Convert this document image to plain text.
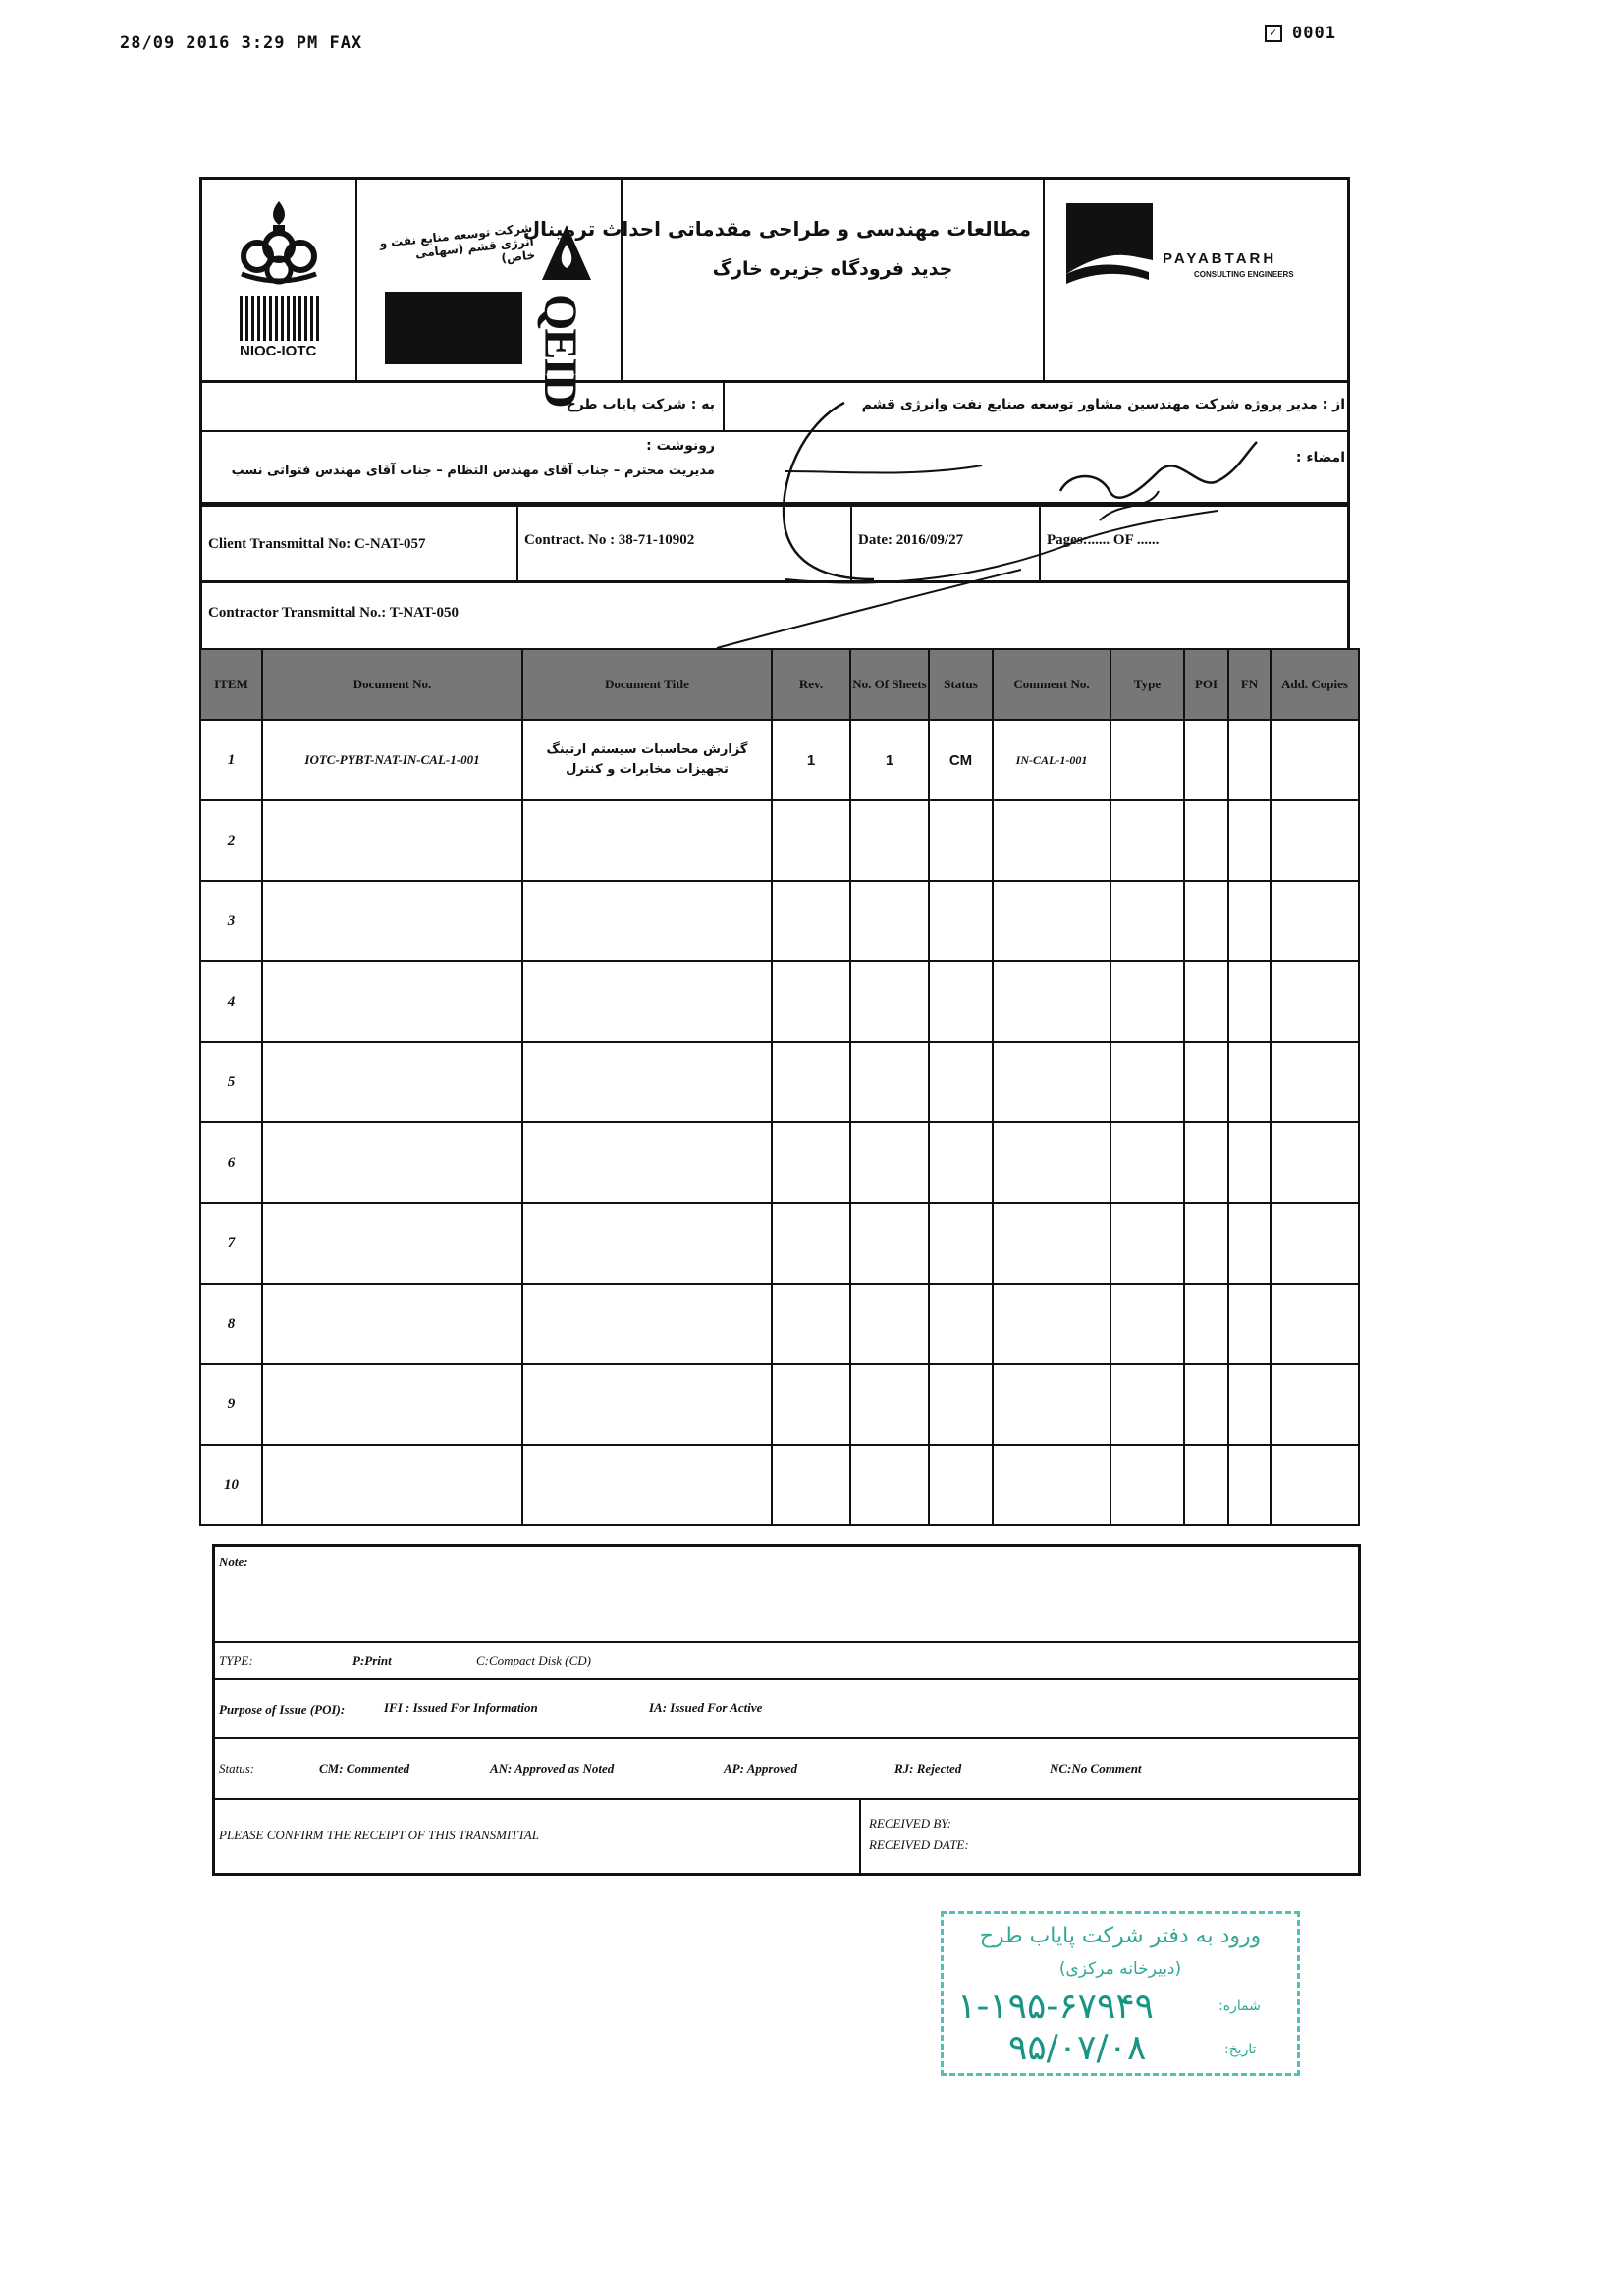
28/09 2016 3:29 PM FAX
✓ 0001
NIOC-IOTC
شرکت توسعه منابع نفت و انرژی قشم (سهامی خاص)
QEID
مطالعات مهندسی و طراحی مقدماتی احداث ترمینال
جدید فرودگاه جزیره خارگ	PAYABTARH
CONSULTING ENGINEERS
به : شرکت پایاب طرح	از : مدیر پروژه شرکت مهندسین مشاور توسعه صنایع نفت وانرژی قشم
رونوشت :
مدیریت محترم – جناب آقای مهندس التظام – جناب آقای مهندس فتواتی نسب
امضاء :
Client Transmittal No: C-NAT-057	Contract. No : 38-71-10902	Date: 2016/09/27	Pages:...... OF ......
Contractor Transmittal No.: T-NAT-050
ITEM	Document No.	Document Title	Rev.	No. Of Sheets	Status	Comment No.	Type	POI	FN	Add. Copies
1	IOTC-PYBT-NAT-IN-CAL-1-001	گزارش محاسبات سیستم ارتینگ تجهیزات مخابرات و کنترل	1	1	CM	IN-CAL-1-001				
2										
3										
4										
5										
6										
7										
8										
9										
10										
Note:
TYPE:	P:Print	C:Compact Disk (CD)
Purpose of Issue (POI):	IFI : Issued For Information	IA: Issued For Active
Status:	CM: Commented	AN: Approved as Noted	AP: Approved	RJ: Rejected	NC:No Comment
PLEASE CONFIRM THE RECEIPT OF THIS TRANSMITTAL
RECEIVED BY:
RECEIVED DATE:
ورود به دفتر شرکت پایاب طرح
(دبیرخانه مرکزی)
شماره:
۱-۱۹۵-۶۷۹۴۹
تاریخ:
۹۵/۰۷/۰۸
